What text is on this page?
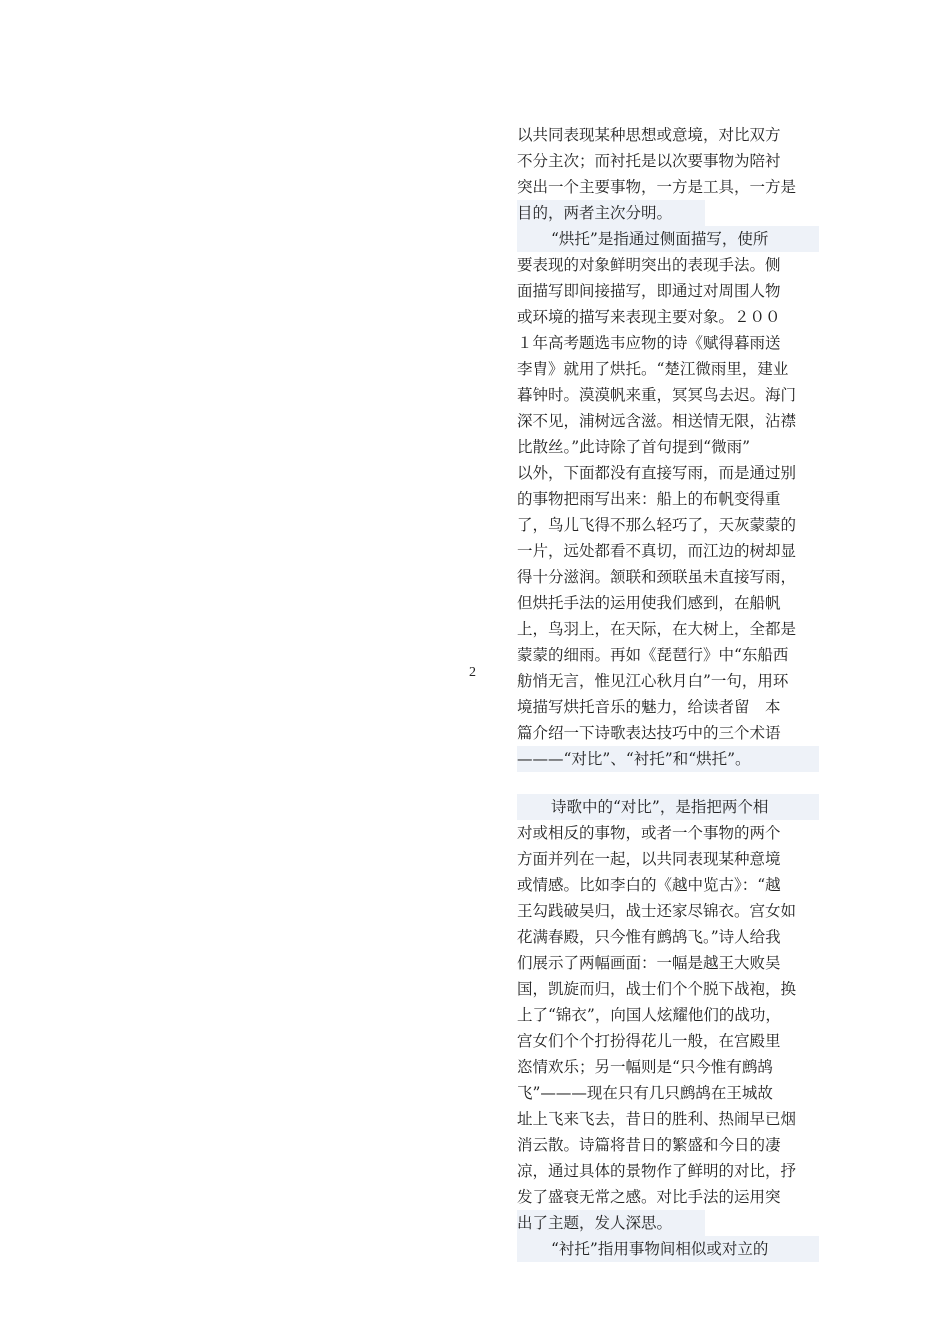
2
以共同表现某种思想或意境，对比双方
不分主次；而衬托是以次要事物为陪衬
突出一个主要事物，一方是工具，一方是
目的，两者主次分明。
“烘托”是指通过侧面描写，使所
要表现的对象鲜明突出的表现手法。侧
面描写即间接描写，即通过对周围人物
或环境的描写来表现主要对象。２００
１年高考题选韦应物的诗《赋得暮雨送
李胄》就用了烘托。“楚江微雨里，建业
暮钟时。漠漠帆来重，冥冥鸟去迟。海门
深不见，浦树远含滋。相送情无限，沾襟
比散丝。”此诗除了首句提到“微雨”
以外，下面都没有直接写雨，而是通过别
的事物把雨写出来：船上的布帆变得重
了，鸟儿飞得不那么轻巧了，天灰蒙蒙的
一片，远处都看不真切，而江边的树却显
得十分滋润。颔联和颈联虽未直接写雨，
但烘托手法的运用使我们感到，在船帆
上，鸟羽上，在天际，在大树上，全都是
蒙蒙的细雨。再如《琵琶行》中“东船西
舫悄无言，惟见江心秋月白”一句，用环
境描写烘托音乐的魅力，给读者留　本
篇介绍一下诗歌表达技巧中的三个术语
———“对比”、“衬托”和“烘托”。
诗歌中的“对比”，是指把两个相
对或相反的事物，或者一个事物的两个
方面并列在一起，以共同表现某种意境
或情感。比如李白的《越中览古》：“越
王勾践破吴归，战士还家尽锦衣。宫女如
花满春殿，只今惟有鹧鸪飞。”诗人给我
们展示了两幅画面：一幅是越王大败吴
国，凯旋而归，战士们个个脱下战袍，换
上了“锦衣”，向国人炫耀他们的战功，
宫女们个个打扮得花儿一般，在宫殿里
恣情欢乐；另一幅则是“只今惟有鹧鸪
飞”———现在只有几只鹧鸪在王城故
址上飞来飞去，昔日的胜利、热闹早已烟
消云散。诗篇将昔日的繁盛和今日的凄
凉，通过具体的景物作了鲜明的对比，抒
发了盛衰无常之感。对比手法的运用突
出了主题，发人深思。
“衬托”指用事物间相似或对立的
